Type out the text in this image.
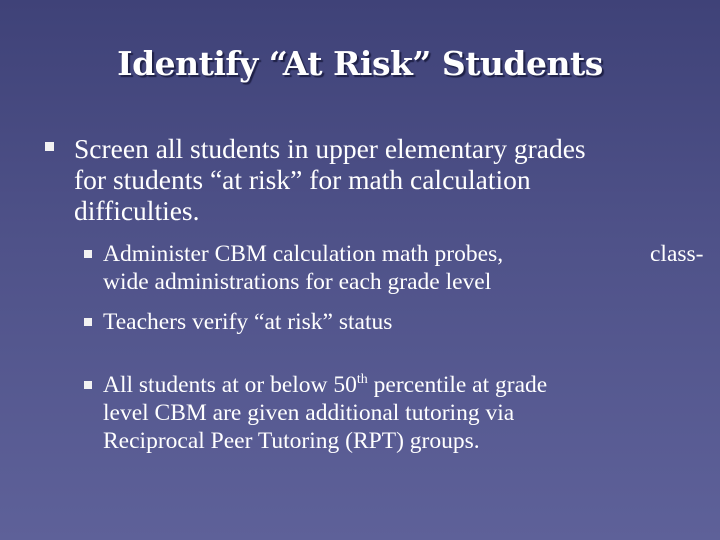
Identify “At Risk” Students
Screen all students in upper elementary grades
for students “at risk” for math calculation
difficulties.
Administer CBM calculation math probes,
wide administrations for each grade level
class-
Teachers verify “at risk” status
All students at or below 50th percentile at grade
level CBM are given additional tutoring via
Reciprocal Peer Tutoring (RPT) groups.
